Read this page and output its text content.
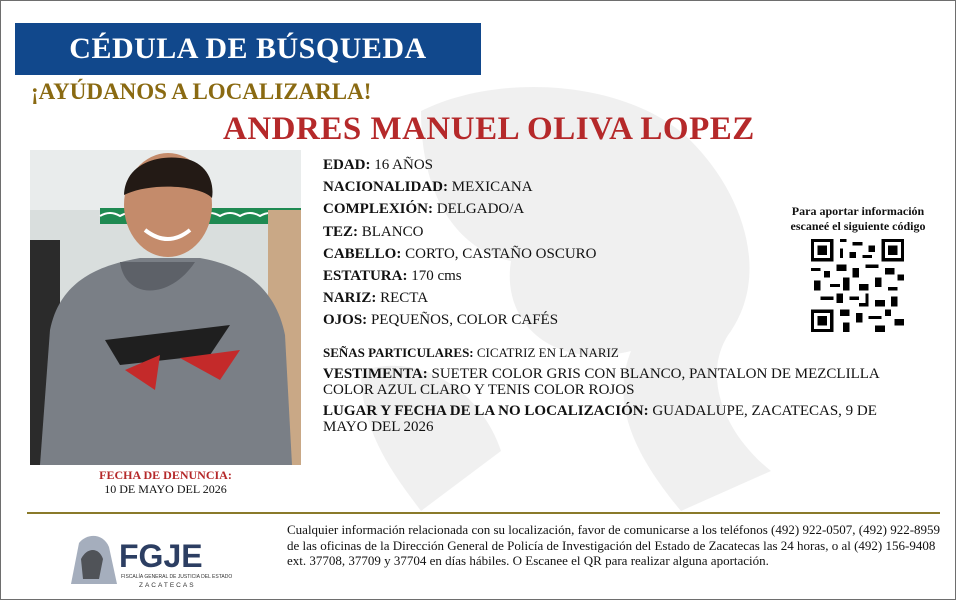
CÉDULA DE BÚSQUEDA
¡AYÚDANOS A LOCALIZARLA!
ANDRES MANUEL OLIVA LOPEZ
FECHA DE DENUNCIA:
10 DE MAYO DEL 2026
EDAD: 16 AÑOS
NACIONALIDAD: MEXICANA
COMPLEXIÓN: DELGADO/A
TEZ: BLANCO
CABELLO: CORTO, CASTAÑO OSCURO
ESTATURA: 170 cms
NARIZ: RECTA
OJOS: PEQUEÑOS, COLOR CAFÉS
SEÑAS PARTICULARES: CICATRIZ EN LA NARIZ
VESTIMENTA: SUETER COLOR GRIS CON BLANCO, PANTALON DE MEZCLILLA COLOR AZUL CLARO Y TENIS COLOR ROJOS
LUGAR Y FECHA DE LA NO LOCALIZACIÓN: GUADALUPE, ZACATECAS, 9 DE MAYO DEL 2026
Para aportar información
escaneé el siguiente código
FGJE
FISCALÍA GENERAL DE JUSTICIA DEL ESTADO
ZACATECAS
Cualquier información relacionada con su localización, favor de comunicarse a los teléfonos (492) 922-0507, (492) 922-8959 de las oficinas de la Dirección General de Policía de Investigación del Estado de Zacatecas las 24 horas, o al (492) 156-9408 ext. 37708, 37709 y 37704 en días hábiles. O Escanee el QR para realizar alguna aportación.
